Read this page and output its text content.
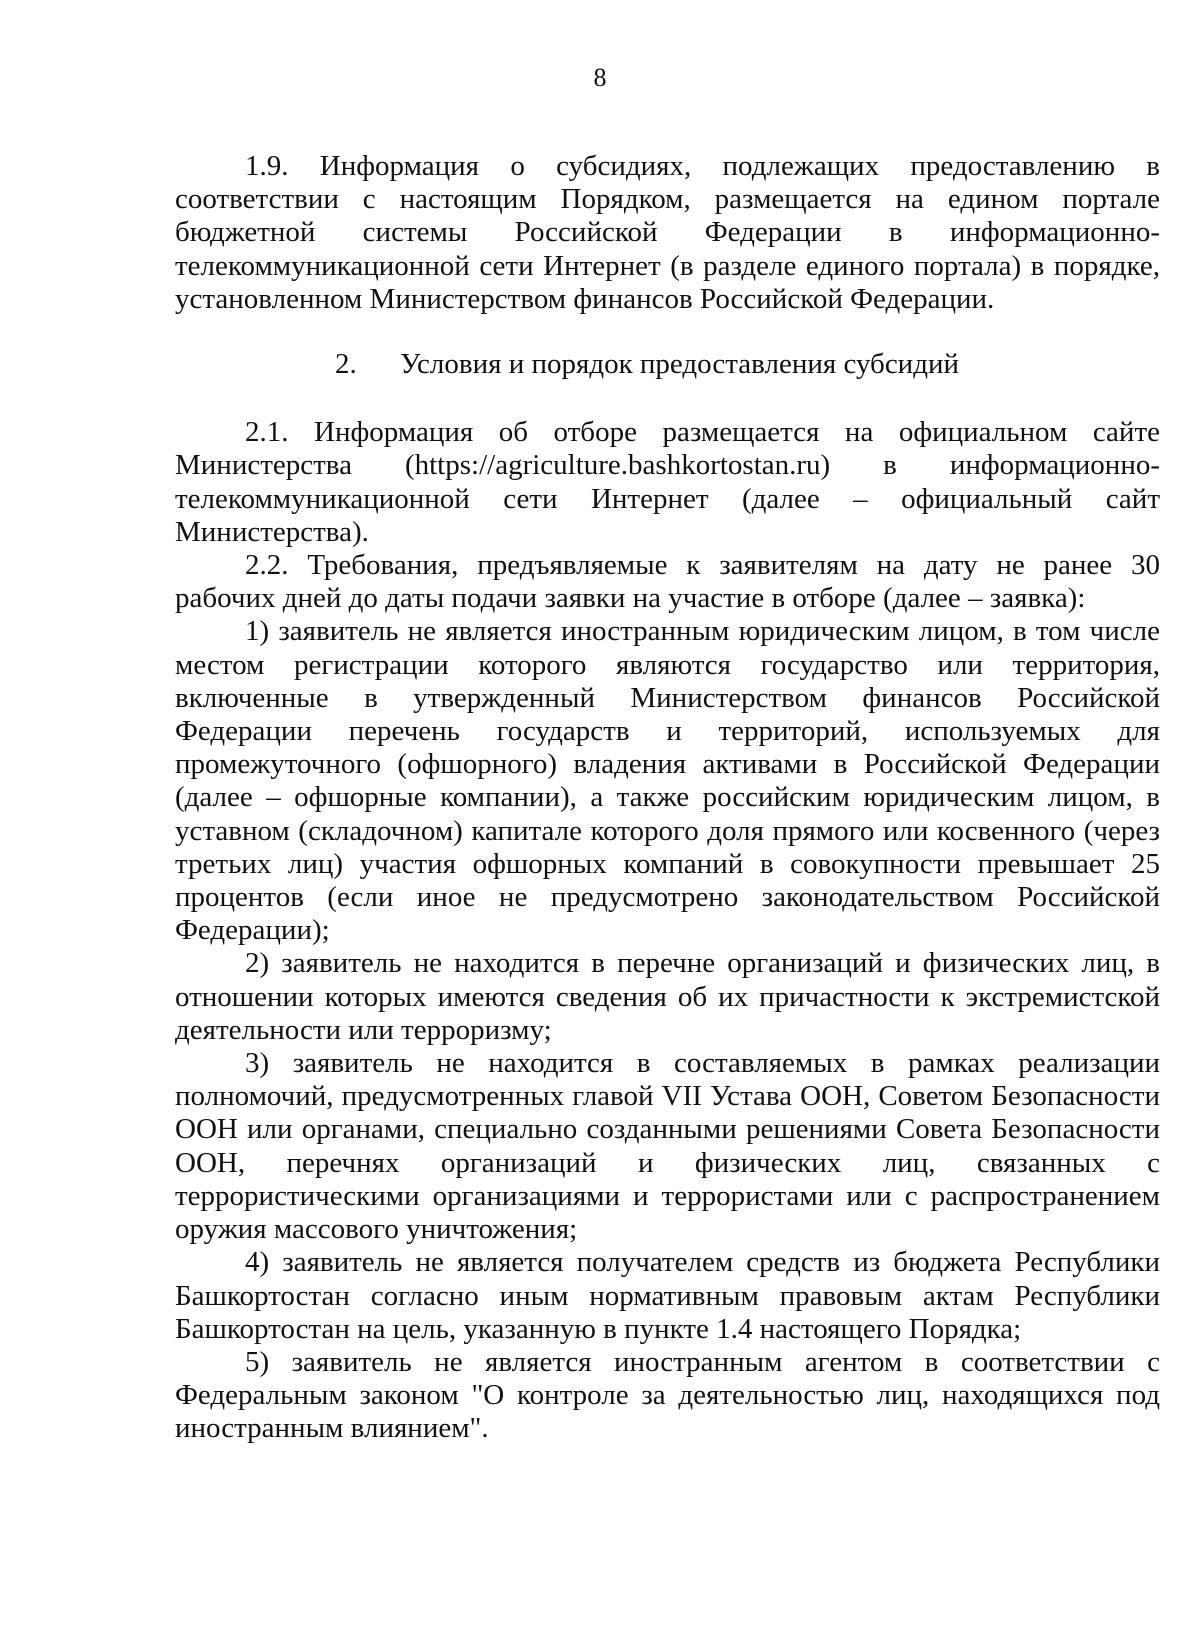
8

1.9. Информация о субсидиях, подлежащих предоставлению в соответствии с настоящим Порядком, размещается на едином портале бюджетной системы Российской Федерации в информационно-телекоммуникационной сети Интернет (в разделе единого портала) в порядке, установленном Министерством финансов Российской Федерации.

2. Условия и порядок предоставления субсидий

2.1. Информация об отборе размещается на официальном сайте Министерства (https://agriculture.bashkortostan.ru) в информационно-телекоммуникационной сети Интернет (далее – официальный сайт Министерства).

2.2. Требования, предъявляемые к заявителям на дату не ранее 30 рабочих дней до даты подачи заявки на участие в отборе (далее – заявка):

1) заявитель не является иностранным юридическим лицом, в том числе местом регистрации которого являются государство или территория, включенные в утвержденный Министерством финансов Российской Федерации перечень государств и территорий, используемых для промежуточного (офшорного) владения активами в Российской Федерации (далее – офшорные компании), а также российским юридическим лицом, в уставном (складочном) капитале которого доля прямого или косвенного (через третьих лиц) участия офшорных компаний в совокупности превышает 25 процентов (если иное не предусмотрено законодательством Российской Федерации);

2) заявитель не находится в перечне организаций и физических лиц, в отношении которых имеются сведения об их причастности к экстремистской деятельности или терроризму;

3) заявитель не находится в составляемых в рамках реализации полномочий, предусмотренных главой VII Устава ООН, Советом Безопасности ООН или органами, специально созданными решениями Совета Безопасности ООН, перечнях организаций и физических лиц, связанных с террористическими организациями и террористами или с распространением оружия массового уничтожения;

4) заявитель не является получателем средств из бюджета Республики Башкортостан согласно иным нормативным правовым актам Республики Башкортостан на цель, указанную в пункте 1.4 настоящего Порядка;

5) заявитель не является иностранным агентом в соответствии с Федеральным законом "О контроле за деятельностью лиц, находящихся под иностранным влиянием".
